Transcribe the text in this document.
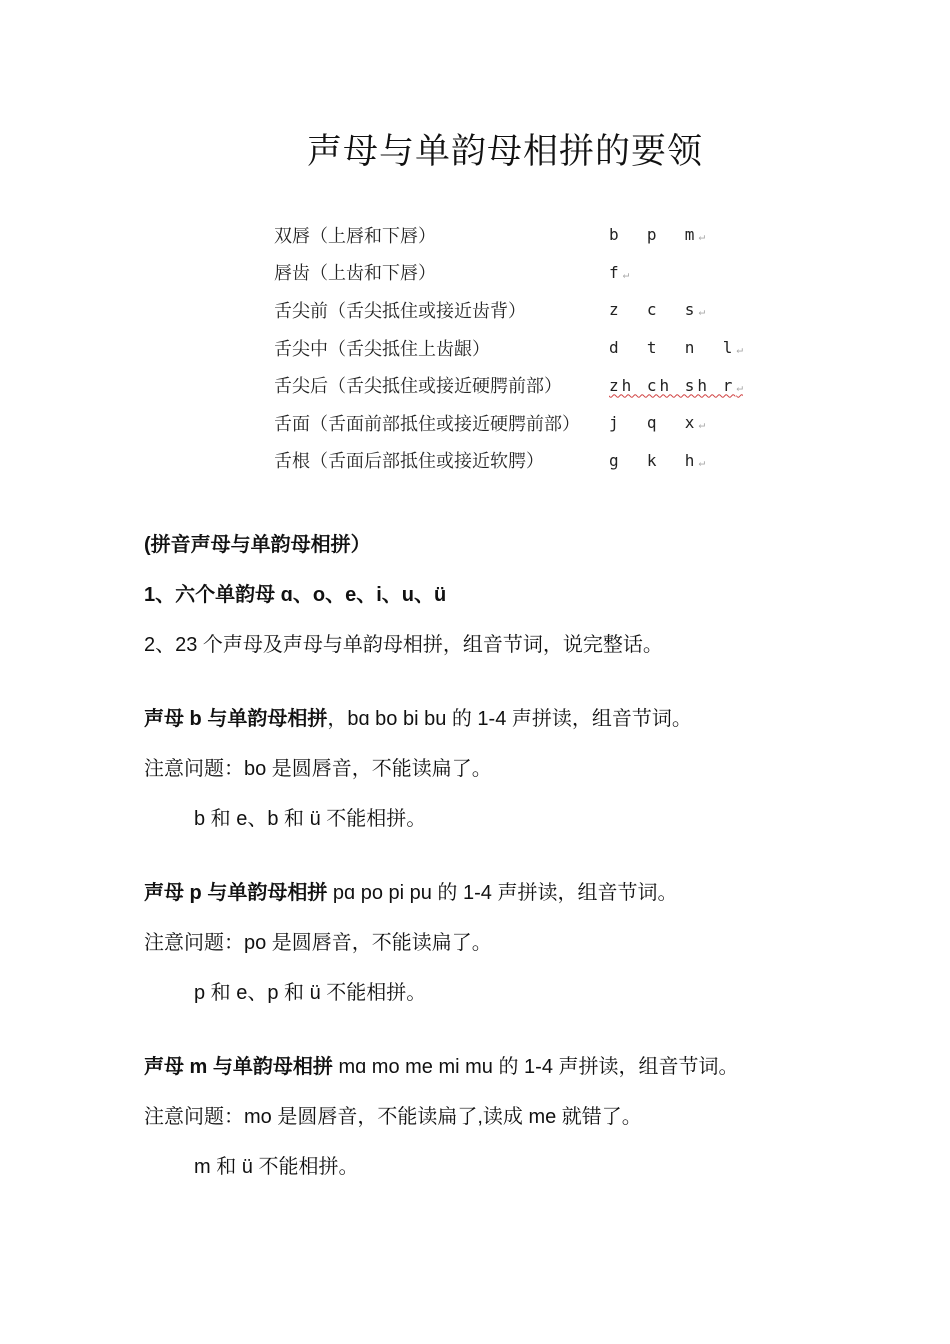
声母与单韵母相拼的要领
双唇（上唇和下唇）	b  p  m↵
唇齿（上齿和下唇）	f↵
舌尖前（舌尖抵住或接近齿背）	z  c  s↵
舌尖中（舌尖抵住上齿龈）	d  t  n  l↵
舌尖后（舌尖抵住或接近硬腭前部）	zh ch sh r↵
舌面（舌面前部抵住或接近硬腭前部）	j  q  x↵
舌根（舌面后部抵住或接近软腭）	g  k  h↵
(拼音声母与单韵母相拼）
1、六个单韵母 ɑ、o、e、i、u、ü
2、23 个声母及声母与单韵母相拼，组音节词，说完整话。
声母 b 与单韵母相拼，bɑ bo bi bu 的 1-4 声拼读，组音节词。
注意问题：bo 是圆唇音，不能读扁了。
b 和 e、b 和 ü 不能相拼。
声母 p 与单韵母相拼 pɑ po pi pu 的 1-4 声拼读，组音节词。
注意问题：po 是圆唇音，不能读扁了。
p 和 e、p 和 ü 不能相拼。
声母 m 与单韵母相拼 mɑ mo me mi mu 的 1-4 声拼读，组音节词。
注意问题：mo 是圆唇音，不能读扁了,读成 me 就错了。
m 和 ü 不能相拼。
